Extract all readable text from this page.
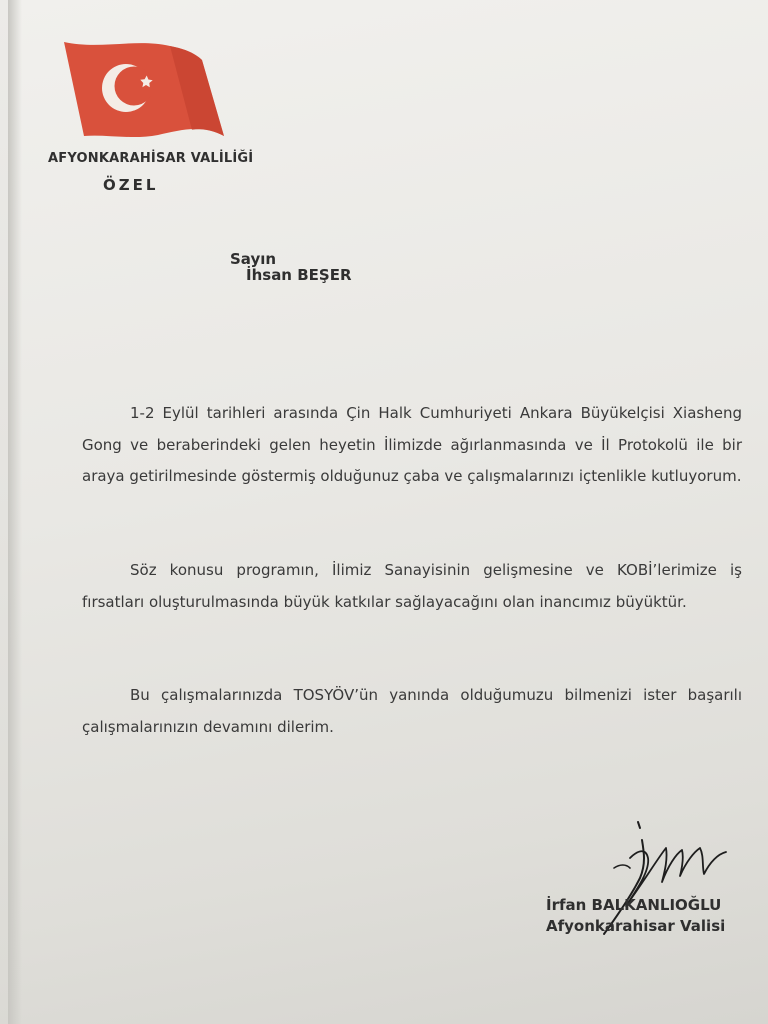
AFYONKARAHİSAR VALİLİĞİ
ÖZEL
Sayın
İhsan BEŞER

1-2 Eylül tarihleri arasında Çin Halk Cumhuriyeti Ankara Büyükelçisi Xiasheng Gong ve beraberindeki gelen heyetin İlimizde ağırlanmasında ve İl Protokolü ile bir araya getirilmesinde göstermiş olduğunuz çaba ve çalışmalarınızı içtenlikle kutluyorum.

Söz konusu programın, İlimiz Sanayisinin gelişmesine ve KOBİ’lerimize iş fırsatları oluşturulmasında büyük katkılar sağlayacağını olan inancımız büyüktür.

Bu çalışmalarınızda TOSYÖV’ün yanında olduğumuzu bilmenizi ister başarılı çalışmalarınızın devamını dilerim.

İrfan BALKANLIOĞLU
Afyonkarahisar Valisi
